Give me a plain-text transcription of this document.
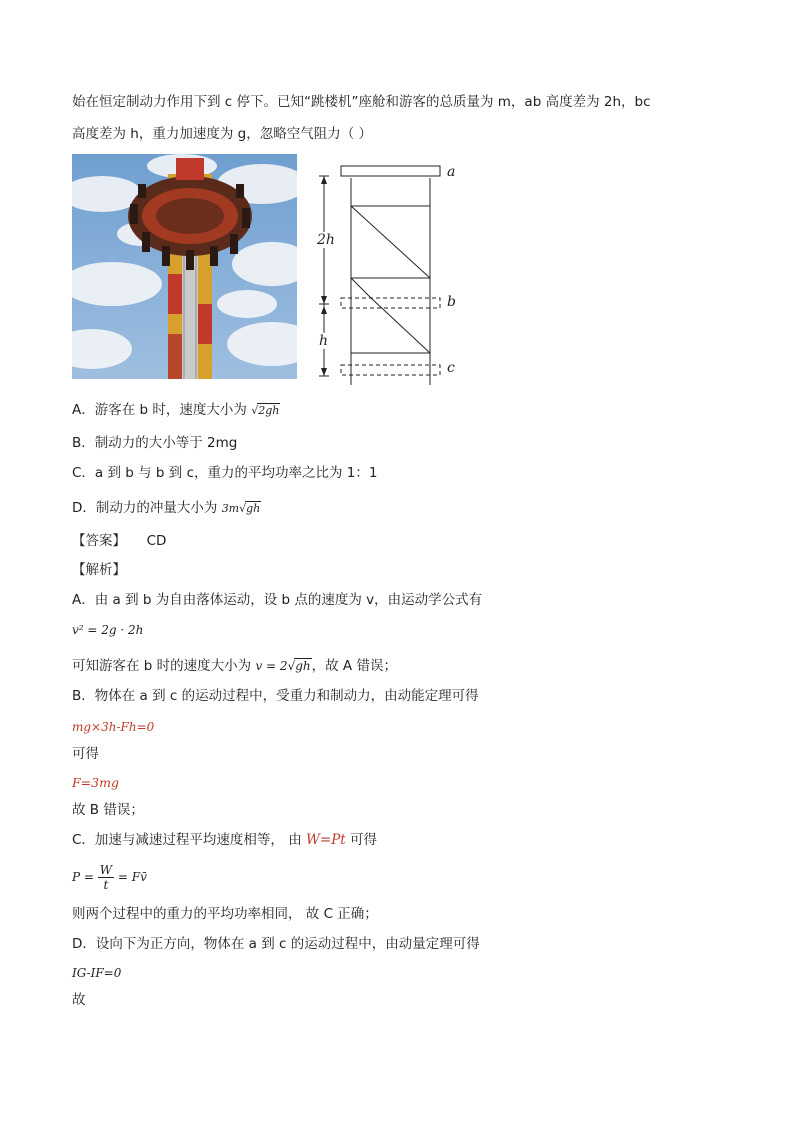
始在恒定制动力作用下到 c 停下。已知“跳楼机”座舱和游客的总质量为 m，ab 高度差为 2h，bc
高度差为 h，重力加速度为 g，忽略空气阻力（ ）
a
b
c
2h
h
A．游客在 b 时，速度大小为 √2gh
B．制动力的大小等于 2mg
C．a 到 b 与 b 到 c，重力的平均功率之比为 1：1
D．制动力的冲量大小为 3m√gh
【答案】 CD
【解析】
A．由 a 到 b 为自由落体运动，设 b 点的速度为 v，由运动学公式有
v² = 2g · 2h
可知游客在 b 时的速度大小为 v = 2√gh，故 A 错误；
B．物体在 a 到 c 的运动过程中，受重力和制动力，由动能定理可得
mg×3h-Fh=0
可得
F=3mg
故 B 错误；
C．加速与减速过程平均速度相等， 由 W=Pt 可得
$P = \frac{W}{t}$ = Fv̄
则两个过程中的重力的平均功率相同， 故 C 正确；
D．设向下为正方向，物体在 a 到 c 的运动过程中，由动量定理可得
IG-IF=0
故
